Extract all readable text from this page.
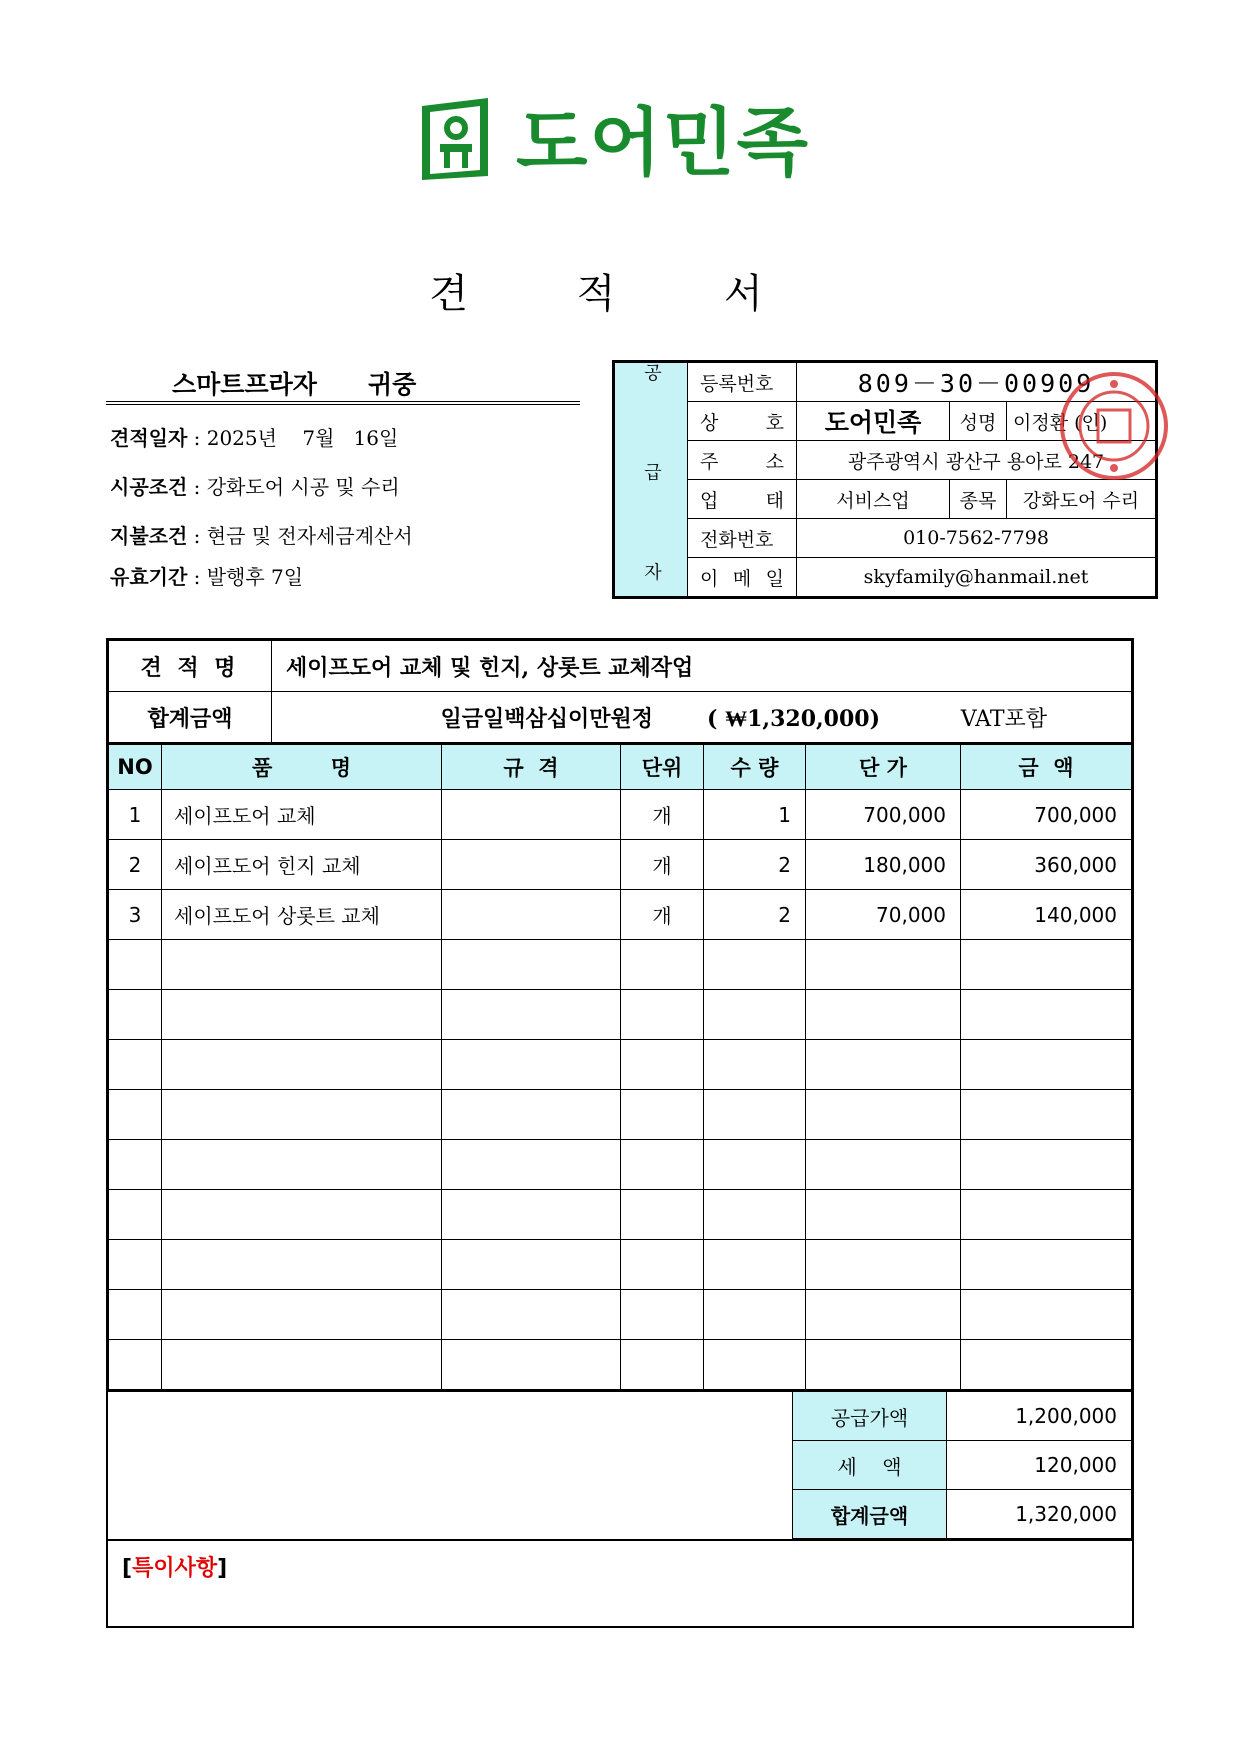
도어민족
견 적 서
스마트프라자 귀중
견적일자 : 2025년    7월   16일
시공조건 : 강화도어 시공 및 수리
지불조건 : 현금 및 전자세금계산서
유효기간 : 발행후 7일	공 급 자	등록번호	809－30－00909		
	상 호	도어민족	성명	이정환 (인)
	주 소	광주광역시 광산구 용아로 247		
	업 태	서비스업	종목	강화도어 수리
	전화번호	010-7562-7798		
	이 메 일	skyfamily@hanmail.net		
견 적 명	세이프도어 교체 및 힌지, 상롯트 교체작업
합계금액	일금일백삼십이만원정 ( ₩1,320,000) VAT포함
NO	품        명	규  격	단위	수 량	단 가	금  액
1	세이프도어 교체		개	1	700,000	700,000
2	세이프도어 힌지 교체		개	2	180,000	360,000
3	세이프도어 상롯트 교체		개	2	70,000	140,000

	공급가액	1,200,000
	세    액	120,000
	합계금액	1,320,000
[특이사항]
